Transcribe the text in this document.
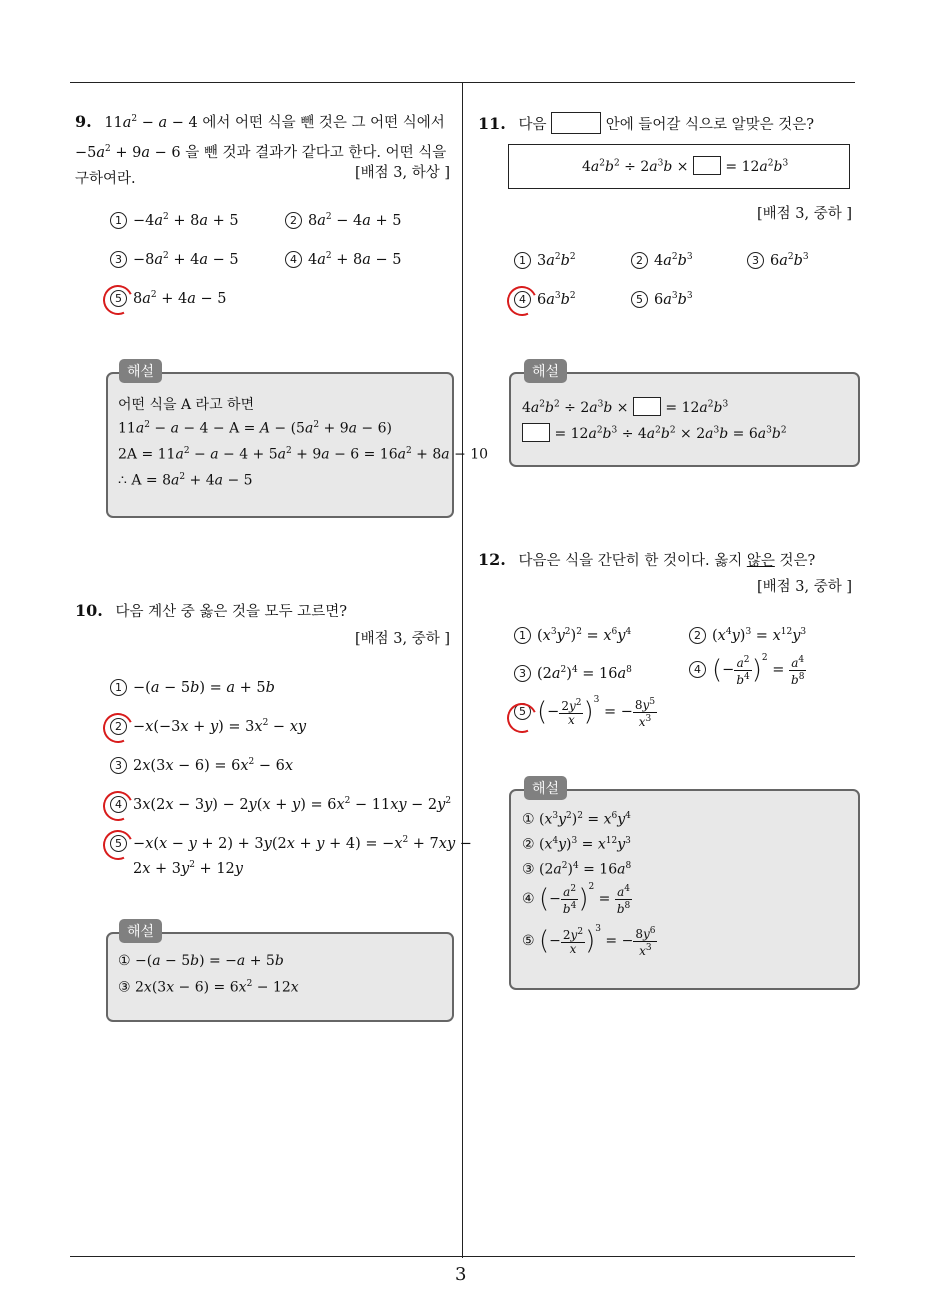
9. $11a^2 - a - 4$ 에서 어떤 식을 뺀 것은 그 어떤 식에서 $-5a^2 + 9a - 6$ 을 뺀 것과 결과가 같다고 한다. 어떤 식을 구하여라.	[배점 3, 하상 ]
$1 -4a^2 + 8a + 5$	2 $8a^2 - 4a + 5$
$3 -8a^2 + 4a - 5$	4 $4a^2 + 8a - 5$
5 $8a^2 + 4a - 5$
해설
어떤 식을 A 라고 하면
$11a^2 - a - 4 - A = A - (5a^2 + 9a - 6)$
$2A = 11a^2 - a - 4 + 5a^2 + 9a - 6 = 16a^2 + 8a - 10$
∴ $A = 8a^2 + 4a - 5$
10. 다음 계산 중 옳은 것을 모두 고르면?
[배점 3, 중하 ]
1 −(a − 5b) = a + 5b
$2 -x(-3x + y) = 3x^2$ − xy
3 $2x(3x - 6) = 6x^2 - 6x$
4 $3x(2x - 3y) - 2y(x + y) = 6x^2 - 11xy - 2y^2$
$5 -x(x - y + 2) + 3y(2x + y + 4) = -x^2 + 7xy$ −
$2x + 3y^2 + 12y$
해설
① −(a − 5b) = −a + 5b
③ $2x(3x - 6) = 6x^2 - 12x$
11. 다음	안에 들어갈 식으로 알맞은 것은?
$4a^2b^2 \div 2a^3b$ ×  = $12a^2b^3$
[배점 3, 중하 ]
1 $3a^2b^2$	2 $4a^2b^3$	3 $6a^2b^3$
4 $6a^3b^2$	5 $6a^3b^3$
해설
$4a^2b^2 \div 2a^3b$ ×  = $12a^2b^3$
= $12a^2b^3 \div 4a^2b^2 \times 2a^3b = 6a^3b^2$
12. 다음은 식을 간단히 한 것이다. 옳지 않은 것은?
[배점 3, 중하 ]
1 $(x^3y^2)^2 = x^6y^4$	2 $(x^4y)^3 = x^{12}y^3$
3 $(2a^2)^4 = 16a^8$	4 (− $\frac{a^2}{b^4} )^2 = \frac{a^4}{b^8}$
5 (− $\frac{2y^2}{x} )^3$ = − $\frac{8y^5}{x^3}$
해설
① $(x^3y^2)^2 = x^6y^4$
② $(x^4y)^3 = x^{12}y^3$
③ $(2a^2)^4 = 16a^8$
④ (− $\frac{a^2}{b^4} )^2 = \frac{a^4}{b^8}$
⑤ (− $\frac{2y^2}{x} )^3$ = − $\frac{8y^6}{x^3}$
3
